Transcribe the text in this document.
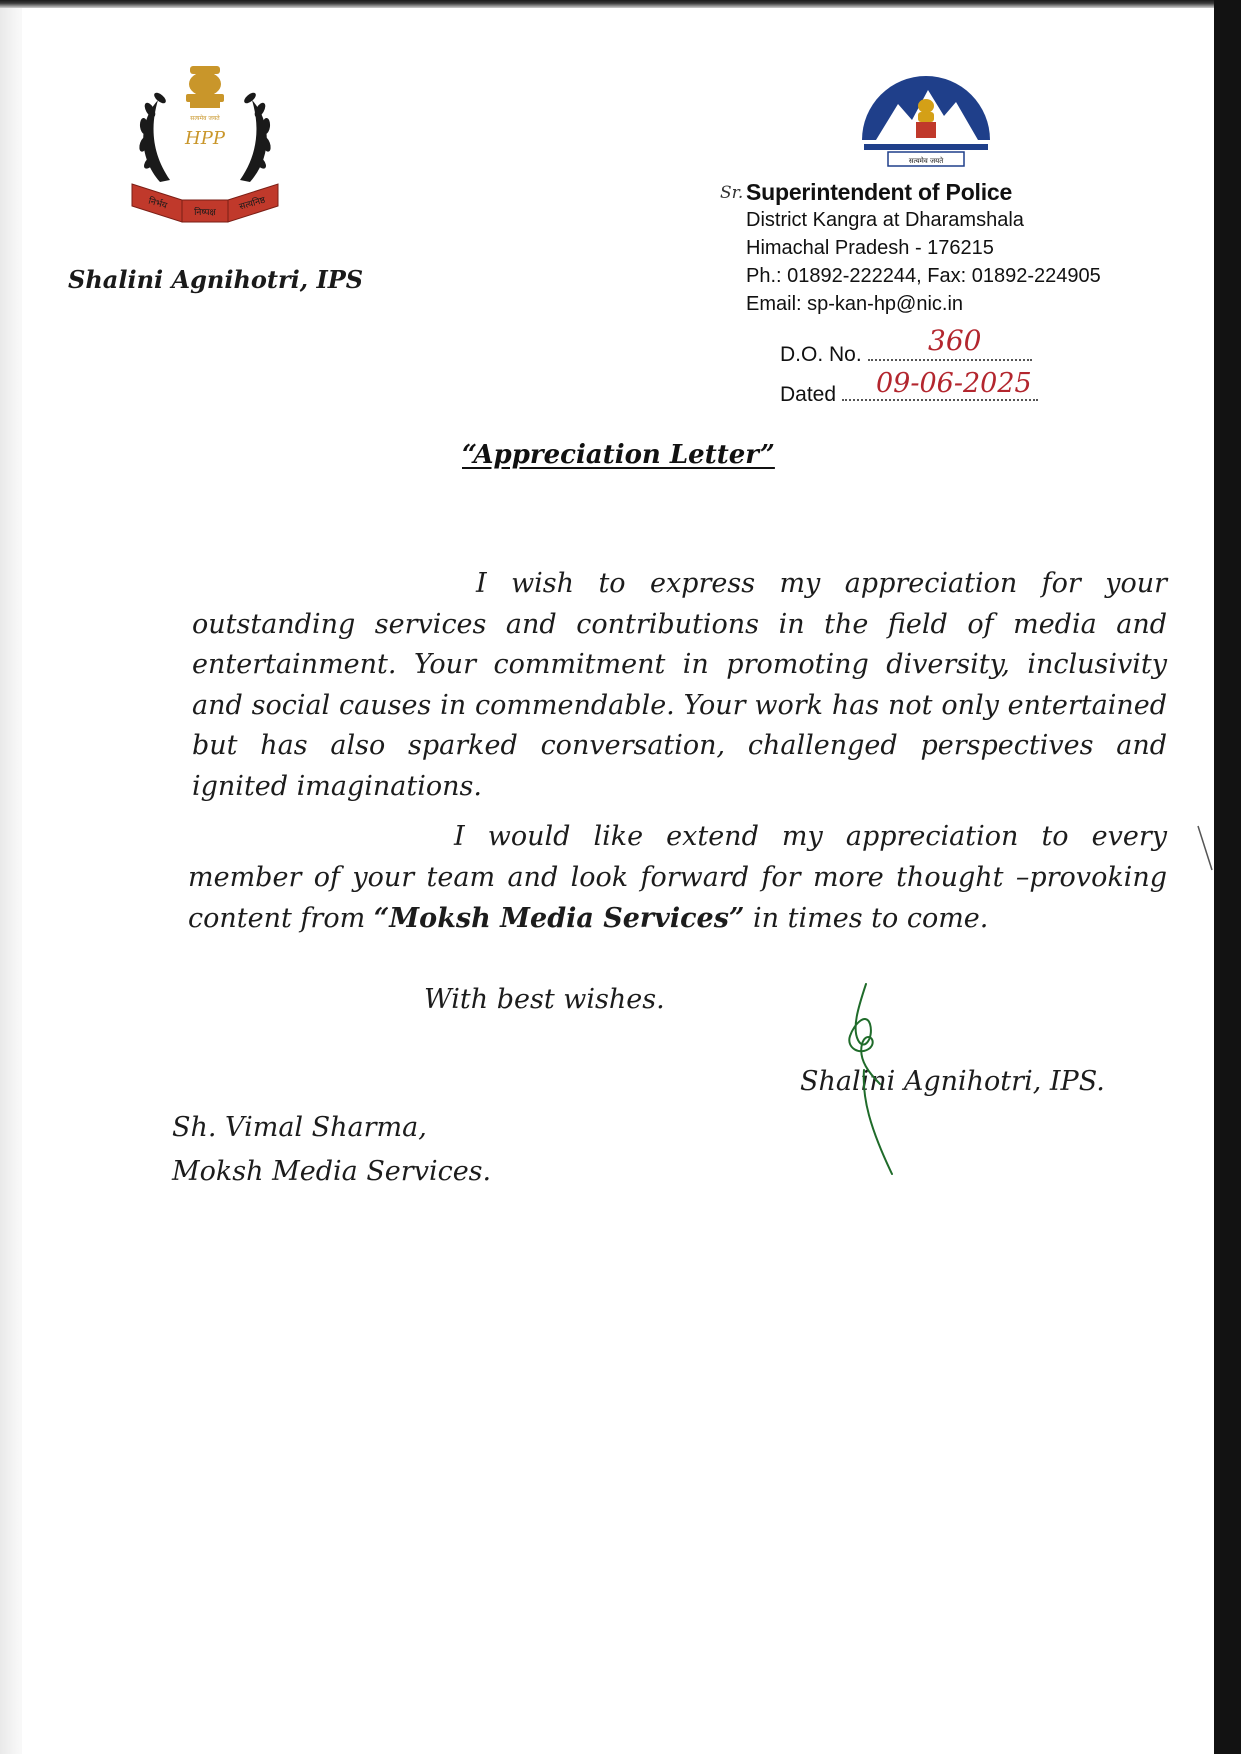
सत्यमेव जयते
HPP
निर्भय
निष्पक्ष
सत्यनिष्ठ
Shalini Agnihotri, IPS
सत्यमेव जयते
Sr. Superintendent of Police
District Kangra at Dharamshala
Himachal Pradesh - 176215
Ph.: 01892-222244, Fax: 01892-224905
Email: sp-kan-hp@nic.in
D.O. No.	360
Dated	09-06-2025
“Appreciation Letter”
I wish to express my appreciation for your outstanding services and contributions in the field of media and entertainment. Your commitment in promoting diversity, inclusivity and social causes in commendable. Your work has not only entertained but has also sparked conversation, challenged perspectives and ignited imaginations.
I would like extend my appreciation to every member of your team and look forward for more thought –provoking content from “Moksh Media Services” in times to come.
With best wishes.
Shalini Agnihotri, IPS.
Sh. Vimal Sharma,
Moksh Media Services.
